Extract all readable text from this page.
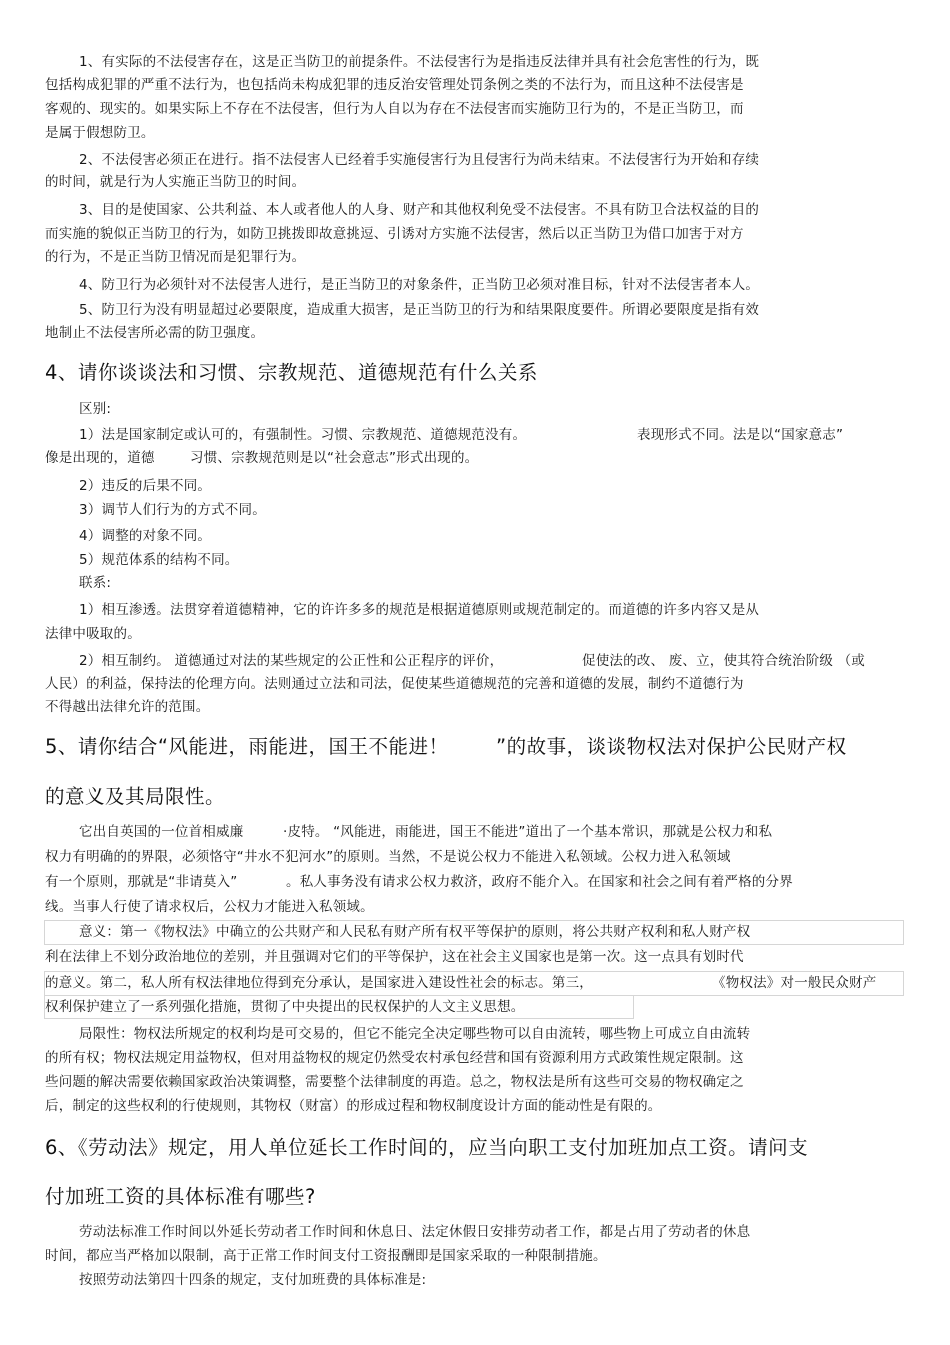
1、有实际的不法侵害存在，这是正当防卫的前提条件。不法侵害行为是指违反法律并具有社会危害性的行为，既
包括构成犯罪的严重不法行为，也包括尚未构成犯罪的违反治安管理处罚条例之类的不法行为，而且这种不法侵害是
客观的、现实的。如果实际上不存在不法侵害，但行为人自以为存在不法侵害而实施防卫行为的，不是正当防卫，而
是属于假想防卫。
2、不法侵害必须正在进行。指不法侵害人已经着手实施侵害行为且侵害行为尚未结束。不法侵害行为开始和存续
的时间，就是行为人实施正当防卫的时间。
3、目的是使国家、公共利益、本人或者他人的人身、财产和其他权利免受不法侵害。不具有防卫合法权益的目的
而实施的貌似正当防卫的行为，如防卫挑拨即故意挑逗、引诱对方实施不法侵害，然后以正当防卫为借口加害于对方
的行为，不是正当防卫情况而是犯罪行为。
4、防卫行为必须针对不法侵害人进行，是正当防卫的对象条件，正当防卫必须对准目标，针对不法侵害者本人。
5、防卫行为没有明显超过必要限度，造成重大损害，是正当防卫的行为和结果限度要件。所谓必要限度是指有效
地制止不法侵害所必需的防卫强度。
4、请你谈谈法和习惯、宗教规范、道德规范有什么关系
区别:
1）法是国家制定或认可的，有强制性。习惯、宗教规范、道德规范没有。	表现形式不同。法是以“国家意志”
像是出现的，道德	习惯、宗教规范则是以“社会意志”形式出现的。
2）违反的后果不同。
3）调节人们行为的方式不同。
4）调整的对象不同。
5）规范体系的结构不同。
联系:
1）相互渗透。法贯穿着道德精神，它的许许多多的规范是根据道德原则或规范制定的。而道德的许多内容又是从
法律中吸取的。
2）相互制约。 道德通过对法的某些规定的公正性和公正程序的评价，	促使法的改、 废、立，使其符合统治阶级 （或
人民）的利益，保持法的伦理方向。法则通过立法和司法，促使某些道德规范的完善和道德的发展，制约不道德行为
不得越出法律允许的范围。
5、请你结合“风能进，雨能进，国王不能进！ ”的故事，谈谈物权法对保护公民财产权
的意义及其局限性。
它出自英国的一位首相威廉	·皮特。 “风能进，雨能进，国王不能进”道出了一个基本常识，那就是公权力和私
权力有明确的的界限，必须恪守“井水不犯河水”的原则。当然，不是说公权力不能进入私领域。公权力进入私领域
有一个原则，那就是“非请莫入”	。私人事务没有请求公权力救济，政府不能介入。在国家和社会之间有着严格的分界
线。当事人行使了请求权后，公权力才能进入私领域。
意义：第一《物权法》中确立的公共财产和人民私有财产所有权平等保护的原则，将公共财产权利和私人财产权
利在法律上不划分政治地位的差别，并且强调对它们的平等保护，这在社会主义国家也是第一次。这一点具有划时代
的意义。第二，私人所有权法律地位得到充分承认，是国家进入建设性社会的标志。第三，	《物权法》对一般民众财产
权利保护建立了一系列强化措施，贯彻了中央提出的民权保护的人文主义思想。
局限性：物权法所规定的权利均是可交易的，但它不能完全决定哪些物可以自由流转，哪些物上可成立自由流转
的所有权；物权法规定用益物权，但对用益物权的规定仍然受农村承包经营和国有资源利用方式政策性规定限制。这
些问题的解决需要依赖国家政治决策调整，需要整个法律制度的再造。总之，物权法是所有这些可交易的物权确定之
后，制定的这些权利的行使规则，其物权（财富）的形成过程和物权制度设计方面的能动性是有限的。
6、《劳动法》规定，用人单位延长工作时间的，应当向职工支付加班加点工资。请问支
付加班工资的具体标准有哪些?
劳动法标准工作时间以外延长劳动者工作时间和休息日、法定休假日安排劳动者工作，都是占用了劳动者的休息
时间，都应当严格加以限制，高于正常工作时间支付工资报酬即是国家采取的一种限制措施。
按照劳动法第四十四条的规定，支付加班费的具体标准是:
